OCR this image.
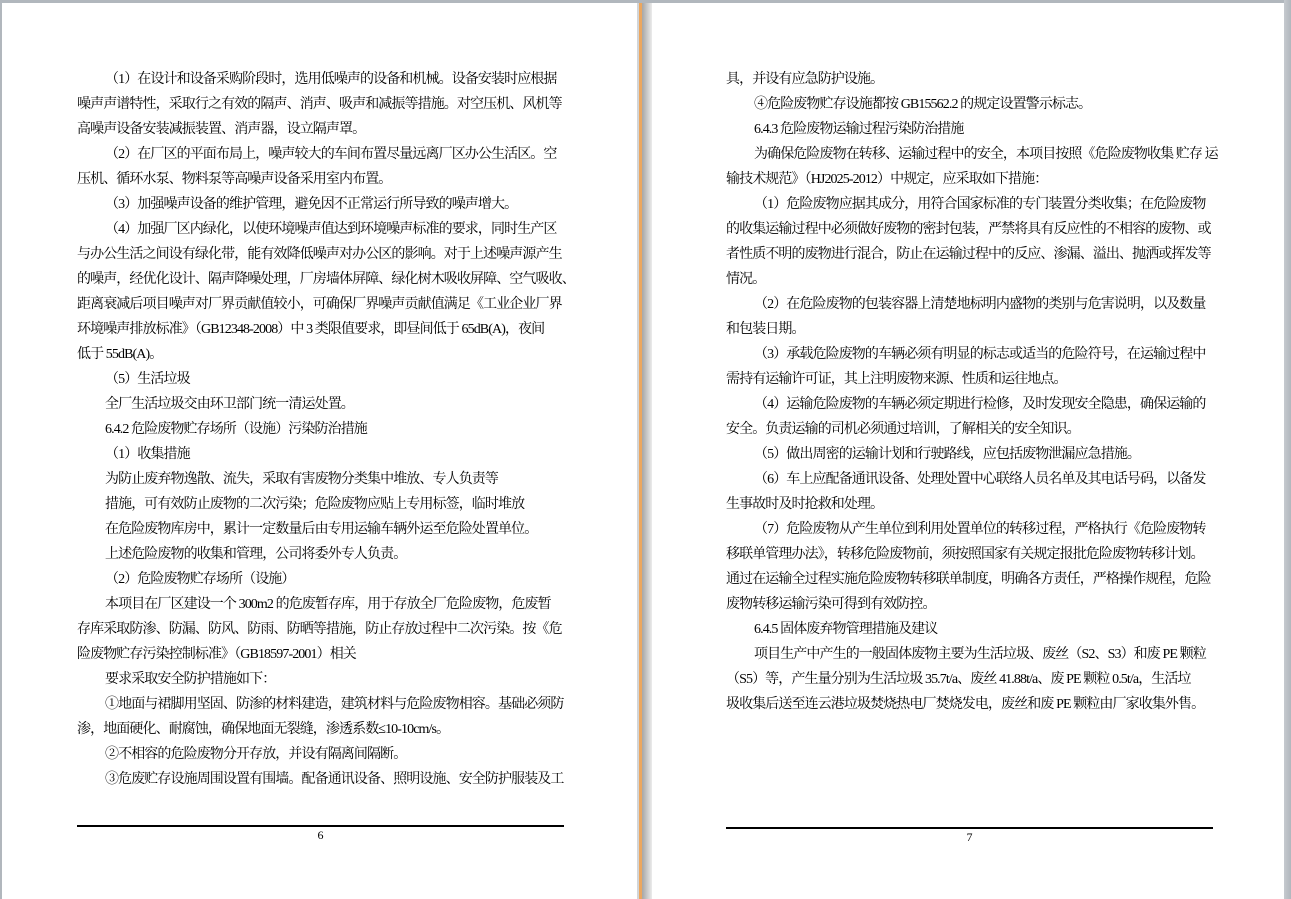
（1）在设计和设备采购阶段时，选用低噪声的设备和机械。设备安装时应根据
噪声声谱特性，采取行之有效的隔声、消声、吸声和减振等措施。对空压机、风机等
高噪声设备安装减振装置、消声器，设立隔声罩。
（2）在厂区的平面布局上，噪声较大的车间布置尽量远离厂区办公生活区。空
压机、循环水泵、物料泵等高噪声设备采用室内布置。
（3）加强噪声设备的维护管理，避免因不正常运行所导致的噪声增大。
（4）加强厂区内绿化，以使环境噪声值达到环境噪声标准的要求，同时生产区
与办公生活之间设有绿化带，能有效降低噪声对办公区的影响。对于上述噪声源产生
的噪声，经优化设计、隔声降噪处理，厂房墙体屏障、绿化树木吸收屏障、空气吸收、
距离衰减后项目噪声对厂界贡献值较小，可确保厂界噪声贡献值满足《工业企业厂界
环境噪声排放标准》（GB12348-2008）中 3 类限值要求，即昼间低于 65dB(A)，夜间
低于 55dB(A)。
（5）生活垃圾
全厂生活垃圾交由环卫部门统一清运处置。
6.4.2 危险废物贮存场所（设施）污染防治措施
（1）收集措施
为防止废弃物逸散、流失，采取有害废物分类集中堆放、专人负责等
措施，可有效防止废物的二次污染；危险废物应贴上专用标签，临时堆放
在危险废物库房中，累计一定数量后由专用运输车辆外运至危险处置单位。
上述危险废物的收集和管理，公司将委外专人负责。
（2）危险废物贮存场所（设施）
本项目在厂区建设一个 300m2 的危废暂存库，用于存放全厂危险废物，危废暂
存库采取防渗、防漏、防风、防雨、防晒等措施，防止存放过程中二次污染。按《危
险废物贮存污染控制标准》（GB18597-2001）相关
要求采取安全防护措施如下：
①地面与裙脚用坚固、防渗的材料建造，建筑材料与危险废物相容。基础必须防
渗，地面硬化、耐腐蚀，确保地面无裂缝，渗透系数≤10-10cm/s。
②不相容的危险废物分开存放，并设有隔离间隔断。
③危废贮存设施周围设置有围墙。配备通讯设备、照明设施、安全防护服装及工
6
具，并设有应急防护设施。
④危险废物贮存设施都按 GB15562.2 的规定设置警示标志。
6.4.3 危险废物运输过程污染防治措施
为确保危险废物在转移、运输过程中的安全，本项目按照《危险废物收集 贮存 运
输技术规范》（HJ2025-2012）中规定，应采取如下措施：
（1）危险废物应据其成分，用符合国家标准的专门装置分类收集；在危险废物
的收集运输过程中必须做好废物的密封包装，严禁将具有反应性的不相容的废物、或
者性质不明的废物进行混合，防止在运输过程中的反应、渗漏、溢出、抛洒或挥发等
情况。
（2）在危险废物的包装容器上清楚地标明内盛物的类别与危害说明，以及数量
和包装日期。
（3）承载危险废物的车辆必须有明显的标志或适当的危险符号，在运输过程中
需持有运输许可证，其上注明废物来源、性质和运往地点。
（4）运输危险废物的车辆必须定期进行检修，及时发现安全隐患，确保运输的
安全。负责运输的司机必须通过培训，了解相关的安全知识。
（5）做出周密的运输计划和行驶路线，应包括废物泄漏应急措施。
（6）车上应配备通讯设备、处理处置中心联络人员名单及其电话号码，以备发
生事故时及时抢救和处理。
（7）危险废物从产生单位到利用处置单位的转移过程，严格执行《危险废物转
移联单管理办法》，转移危险废物前，须按照国家有关规定报批危险废物转移计划。
通过在运输全过程实施危险废物转移联单制度，明确各方责任，严格操作规程，危险
废物转移运输污染可得到有效防控。
6.4.5 固体废弃物管理措施及建议
项目生产中产生的一般固体废物主要为生活垃圾、废丝（S2、S3）和废 PE 颗粒
（S5）等，产生量分别为生活垃圾 35.7t/a、废丝 41.88t/a、废 PE 颗粒 0.5t/a，生活垃
圾收集后送至连云港垃圾焚烧热电厂焚烧发电，废丝和废 PE 颗粒由厂家收集外售。
7
